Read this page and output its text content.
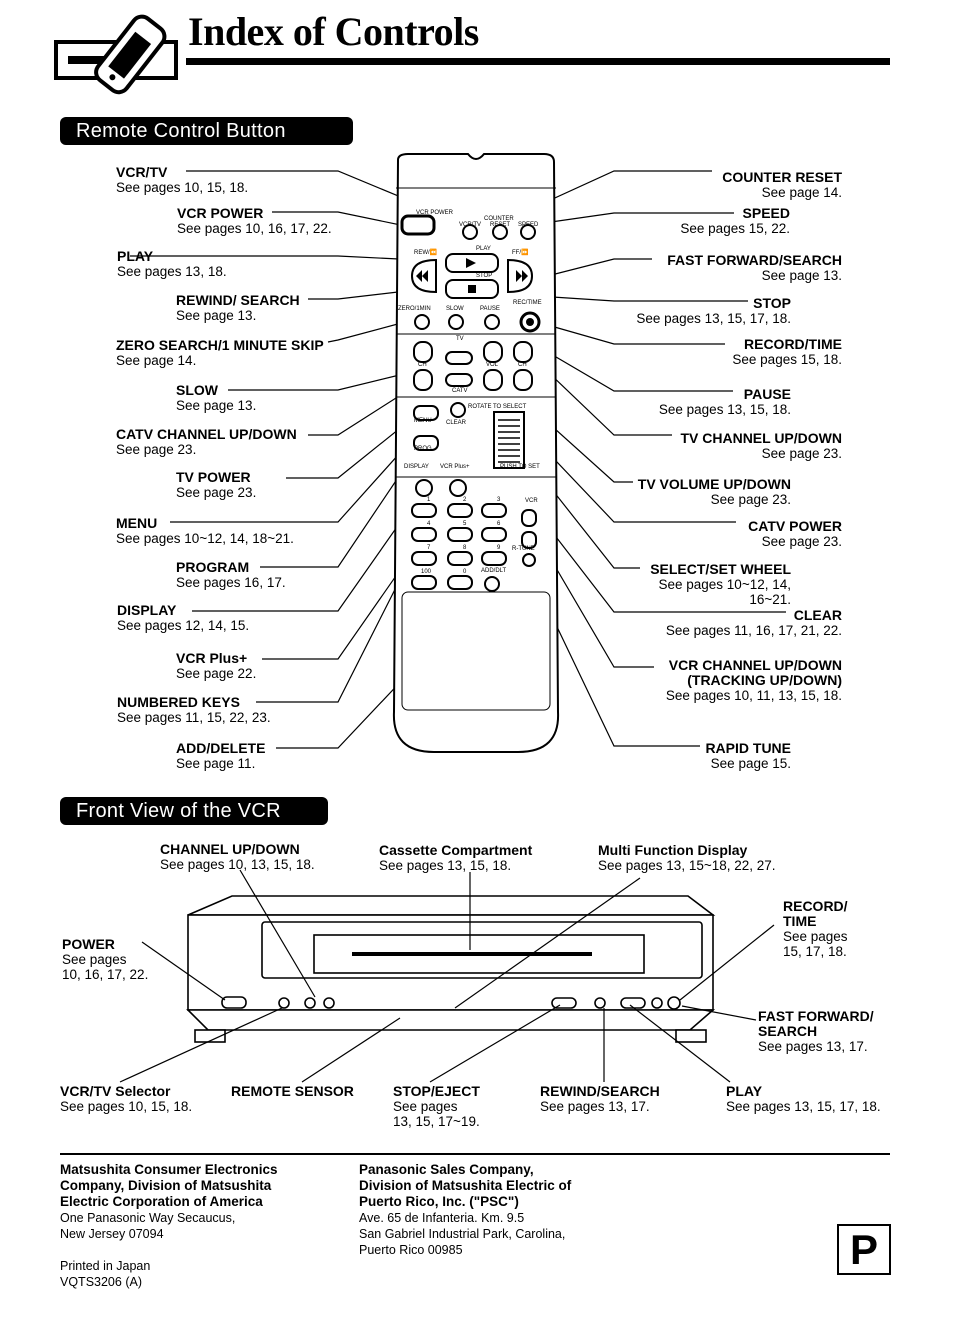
Index of Controls
Remote Control Button
VCR POWER
VCR/TV
COUNTER
RESET SPEED
PLAY
REW/⏪	FF/⏩
STOP
ZERO/1MIN	SLOW	PAUSE
REC/TIME
TV
CH	VOL	CH
CATV
MENU CLEAR
PROG
ROTATE TO SELECT
PUSH TO SET
DISPLAY VCR Plus+
R-TUNE
VCR
1	2	3
4	5	6
7	8	9
100	0 ADD/DLT
VCR/TV
See pages 10, 15, 18.
VCR POWER
See pages 10, 16, 17, 22.
PLAY
See pages 13, 18.
REWIND/ SEARCH
See page 13.
ZERO SEARCH/1 MINUTE SKIP
See page 14.
SLOW
See page 13.
CATV CHANNEL UP/DOWN
See page 23.
TV POWER
See page 23.
MENU
See pages 10~12, 14, 18~21.
PROGRAM
See pages 16, 17.
DISPLAY
See pages 12, 14, 15.
VCR Plus+
See page 22.
NUMBERED KEYS
See pages 11, 15, 22, 23.
ADD/DELETE
See page 11.
COUNTER RESET
See page 14.
SPEED
See pages 15, 22.
FAST FORWARD/SEARCH
See page 13.
STOP
See pages 13, 15, 17, 18.
RECORD/TIME
See pages 15, 18.
PAUSE
See pages 13, 15, 18.
TV CHANNEL UP/DOWN
See page 23.
TV VOLUME UP/DOWN
See page 23.
CATV POWER
See page 23.
SELECT/SET WHEEL
See pages 10~12, 14,
16~21.
CLEAR
See pages 11, 16, 17, 21, 22.
VCR CHANNEL UP/DOWN
(TRACKING UP/DOWN)
See pages 10, 11, 13, 15, 18.
RAPID TUNE
See page 15.
Front View of the VCR
CHANNEL UP/DOWN
See pages 10, 13, 15, 18.
Cassette Compartment
See pages 13, 15, 18.
Multi Function Display
See pages 13, 15~18, 22, 27.
RECORD/
TIME
See pages
15, 17, 18.
POWER
See pages
10, 16, 17, 22.
FAST FORWARD/
SEARCH
See pages 13, 17.
VCR/TV Selector
See pages 10, 15, 18.
REMOTE SENSOR	STOP/EJECT
See pages
13, 15, 17~19.
REWIND/SEARCH
See pages 13, 17.
PLAY
See pages 13, 15, 17, 18.
Matsushita Consumer Electronics
Company, Division of Matsushita
Electric Corporation of America
One Panasonic Way Secaucus,
New Jersey 07094
Printed in Japan
VQTS3206 (A)
Panasonic Sales Company,
Division of Matsushita Electric of
Puerto Rico, Inc. ("PSC")
Ave. 65 de Infanteria. Km. 9.5
San Gabriel Industrial Park, Carolina,
Puerto Rico 00985	P
